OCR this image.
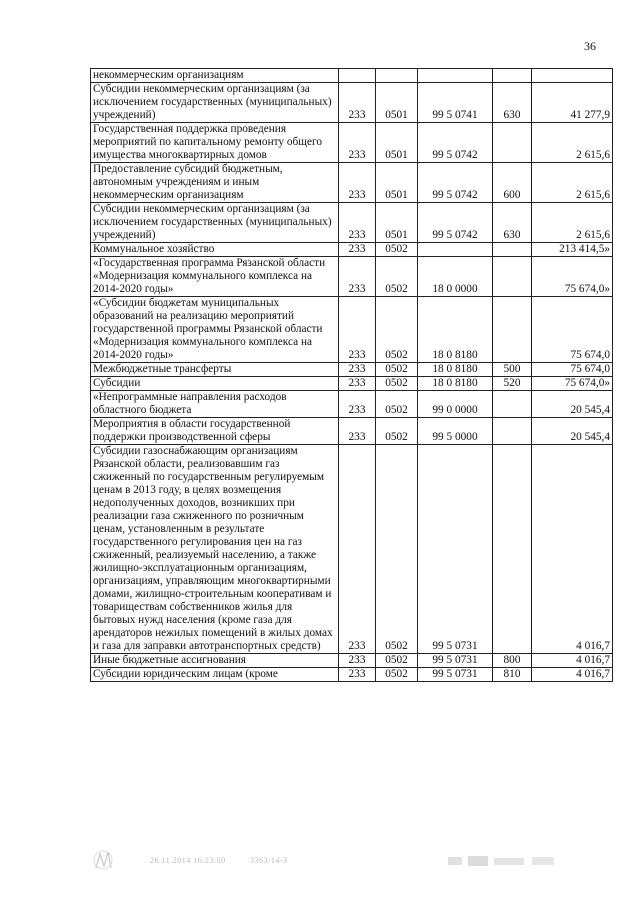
36
некоммерческим организациям					
Субсидии некоммерческим организациям (за исключением государственных (муниципальных) учреждений)	233	0501	99 5 0741	630	41 277,9
Государственная поддержка проведения мероприятий по капитальному ремонту общего имущества многоквартирных домов	233	0501	99 5 0742		2 615,6
Предоставление субсидий бюджетным, автономным учреждениям и иным некоммерческим организациям	233	0501	99 5 0742	600	2 615,6
Субсидии некоммерческим организациям (за исключением государственных (муниципальных) учреждений)	233	0501	99 5 0742	630	2 615,6
Коммунальное хозяйство	233	0502			213 414,5»
«Государственная программа Рязанской области «Модернизация коммунального комплекса на 2014-2020 годы»	233	0502	18 0 0000		75 674,0»
«Субсидии бюджетам муниципальных образований на реализацию мероприятий государственной программы Рязанской области «Модернизация коммунального комплекса на 2014-2020 годы»	233	0502	18 0 8180		75 674,0
Межбюджетные трансферты	233	0502	18 0 8180	500	75 674,0
Субсидии	233	0502	18 0 8180	520	75 674,0»
«Непрограммные направления расходов областного бюджета	233	0502	99 0 0000		20 545,4
Мероприятия в области государственной поддержки производственной сферы	233	0502	99 5 0000		20 545,4
Субсидии газоснабжающим организациям Рязанской области, реализовавшим газ сжиженный по государственным регулируемым ценам в 2013 году, в целях возмещения недополученных доходов, возникших при реализации газа сжиженного по розничным ценам, установленным в результате государственного регулирования цен на газ сжиженный, реализуемый населению, а также жилищно-эксплуатационным организациям, организациям, управляющим многоквартирными домами, жилищно-строительным кооперативам и товариществам собственников жилья для бытовых нужд населения (кроме газа для арендаторов нежилых помещений в жилых домах и газа для заправки автотранспортных средств)	233	0502	99 5 0731		4 016,7
Иные бюджетные ассигнования	233	0502	99 5 0731	800	4 016,7
Субсидии юридическим лицам (кроме	233	0502	99 5 0731	810	4 016,7
26.11.2014 16:23:00	3363/14-3
